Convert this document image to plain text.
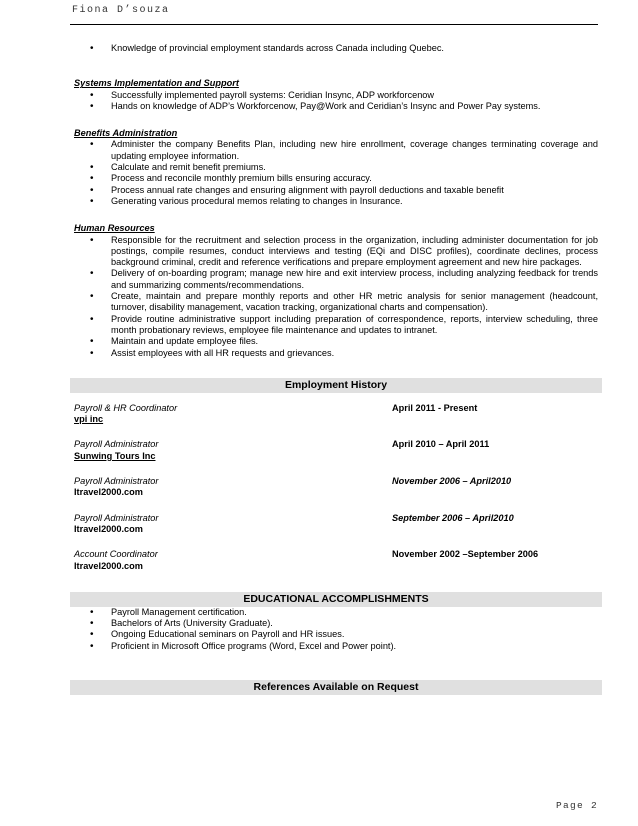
Fiona D’souza
• Knowledge of provincial employment standards across Canada including Quebec.
Systems Implementation and Support
• Successfully implemented payroll systems: Ceridian Insync, ADP workforcenow
• Hands on knowledge of ADP’s Workforcenow, Pay@Work and Ceridian’s Insync and Power Pay systems.
Benefits Administration
• Administer the company Benefits Plan, including new hire enrollment, coverage changes terminating coverage and updating employee information.
• Calculate and remit benefit premiums.
• Process and reconcile monthly premium bills ensuring accuracy.
• Process annual rate changes and ensuring alignment with payroll deductions and taxable benefit
• Generating various procedural memos relating to changes in Insurance.
Human Resources
• Responsible for the recruitment and selection process in the organization, including administer documentation for job postings, compile resumes, conduct interviews and testing (EQi and DISC profiles), coordinate declines, process background criminal, credit and reference verifications and prepare employment agreement and new hire packages.
• Delivery of on-boarding program; manage new hire and exit interview process, including analyzing feedback for trends and summarizing comments/recommendations.
• Create, maintain and prepare monthly reports and other HR metric analysis for senior management (headcount, turnover, disability management, vacation tracking, organizational charts and compensation).
• Provide routine administrative support including preparation of correspondence, reports, interview scheduling, three month probationary reviews, employee file maintenance and updates to intranet.
• Maintain and update employee files.
• Assist employees with all HR requests and grievances.
Employment History
Payroll & HR Coordinator	April 2011 - Present
vpi inc
Payroll Administrator	April 2010 – April 2011
Sunwing Tours Inc
Payroll Administrator	November 2006 – April2010
Itravel2000.com
Payroll Administrator	September 2006 – April2010
Itravel2000.com
Account Coordinator	November 2002 –September 2006
Itravel2000.com
EDUCATIONAL ACCOMPLISHMENTS
• Payroll Management certification.
• Bachelors of Arts (University Graduate).
• Ongoing Educational seminars on Payroll and HR issues.
• Proficient in Microsoft Office programs (Word, Excel and Power point).
References Available on Request
Page 2
